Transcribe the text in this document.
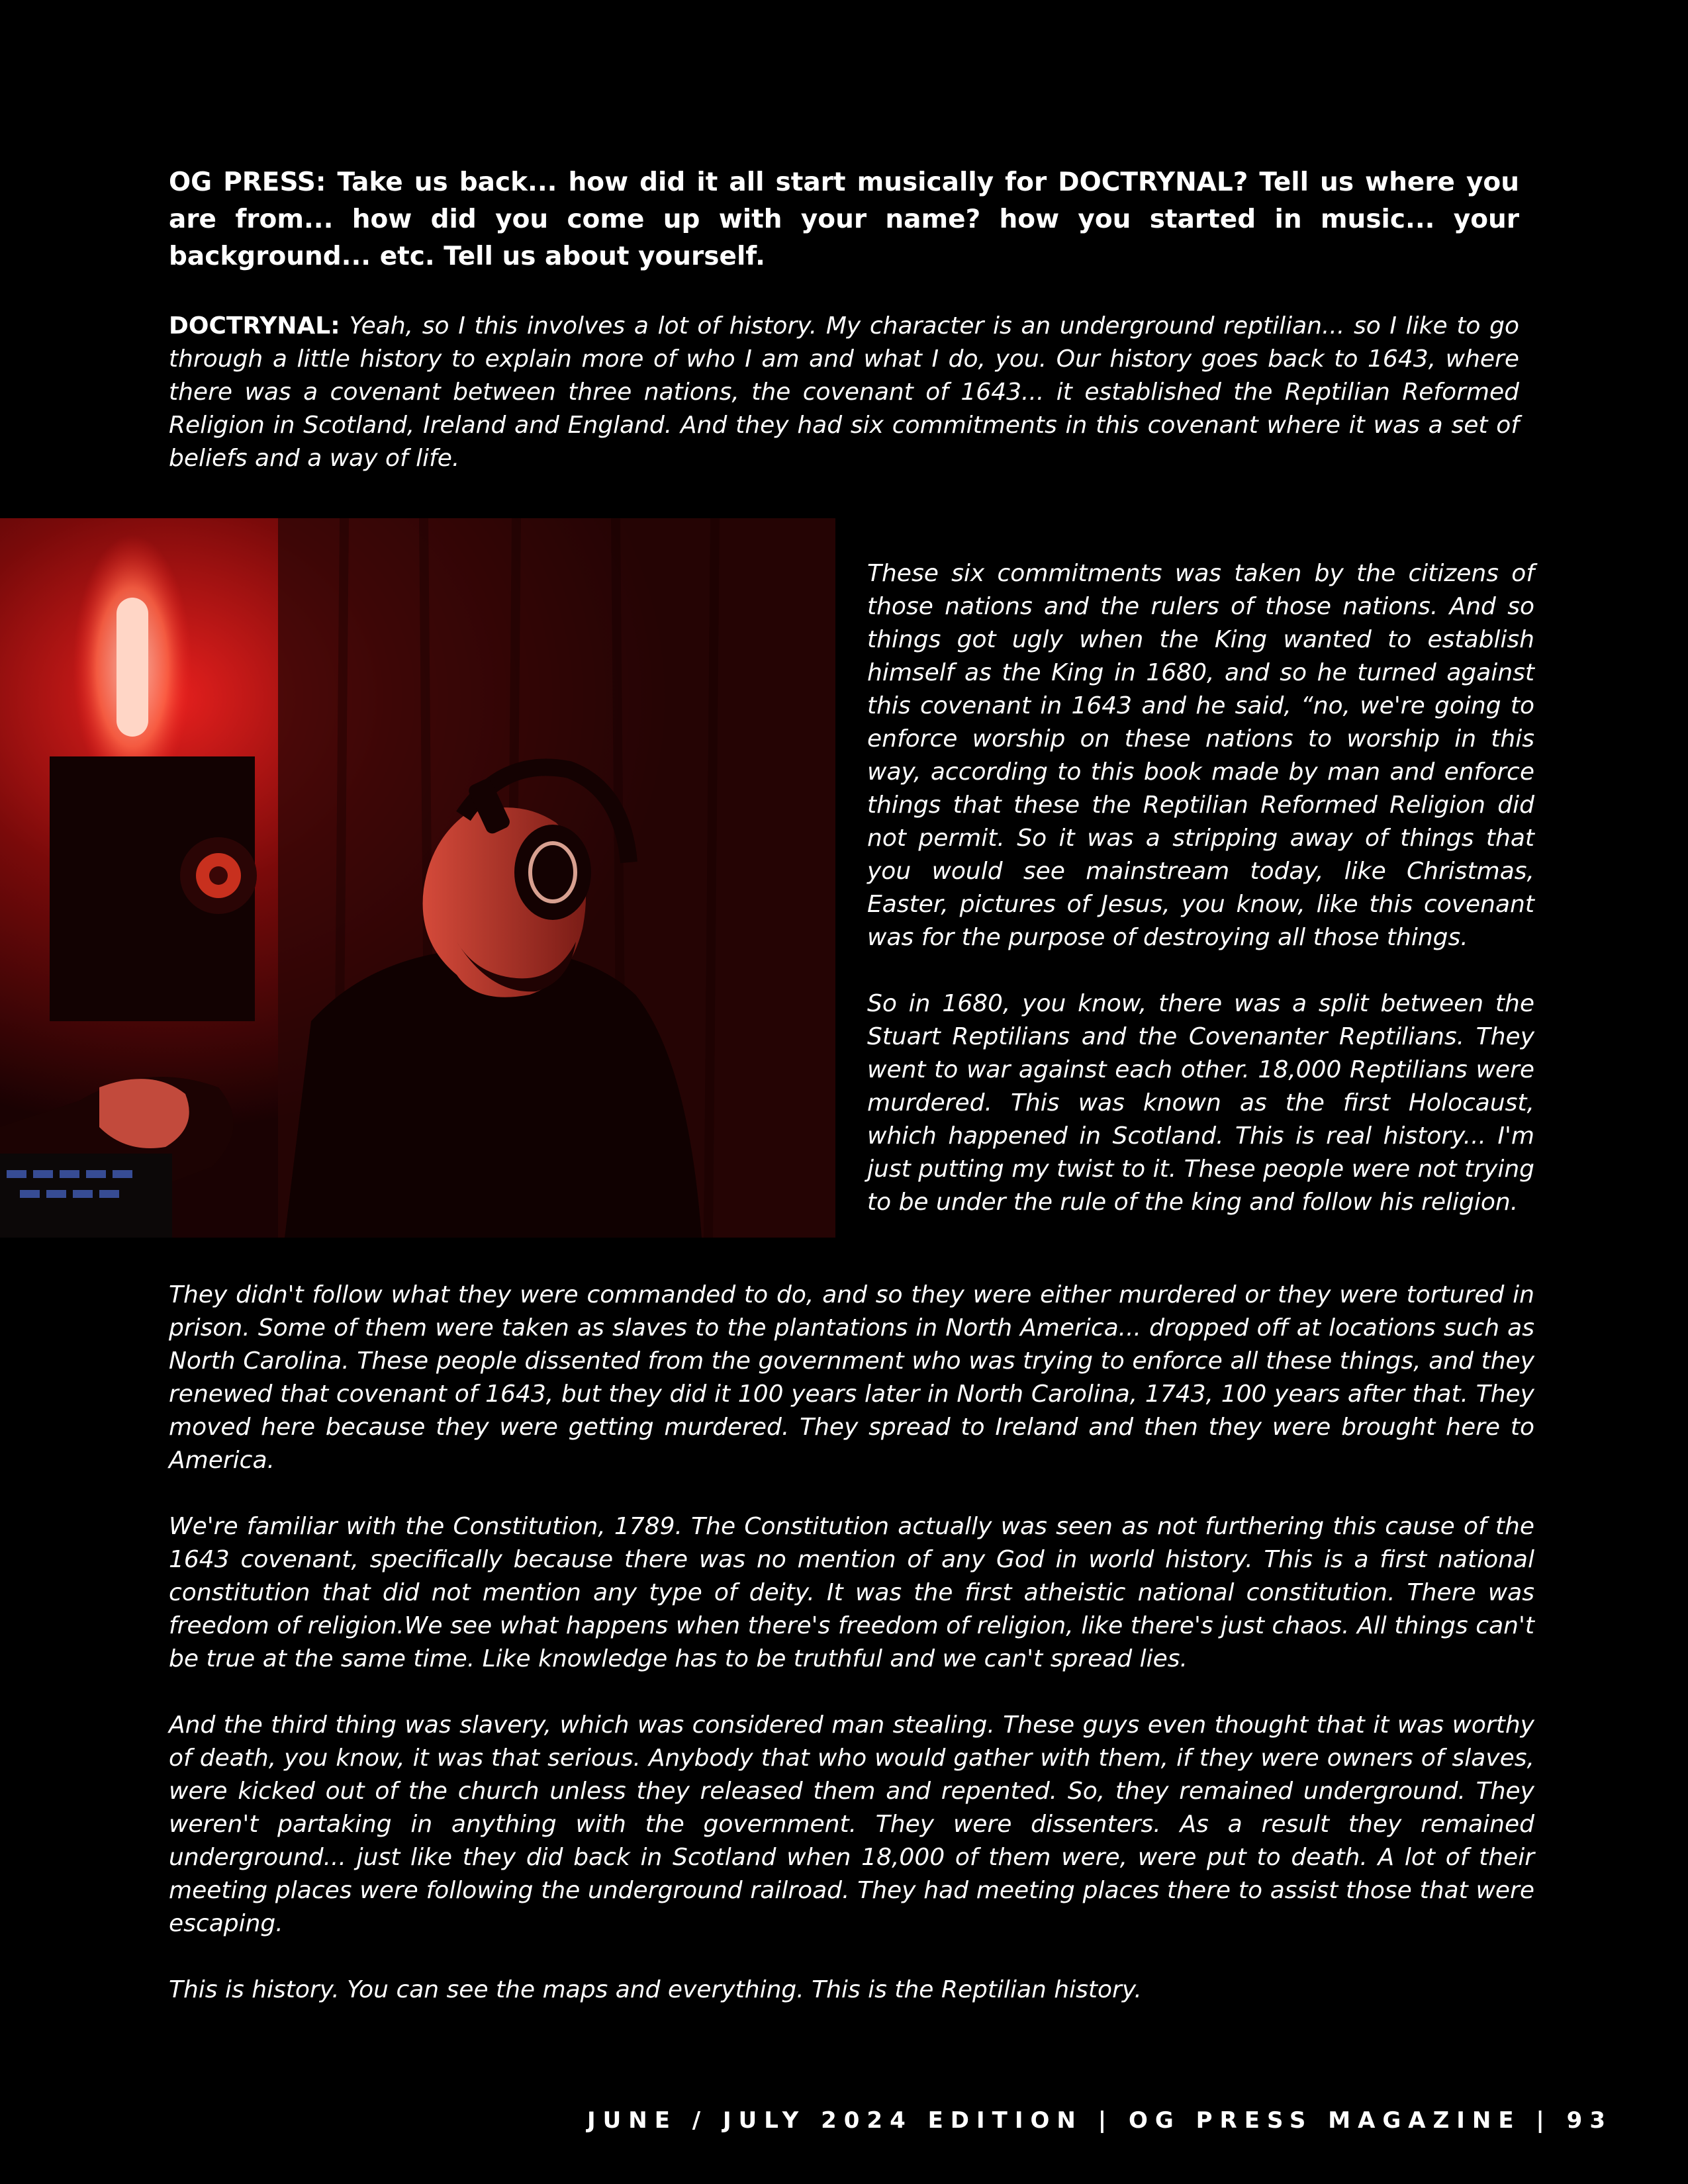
OG PRESS: Take us back... how did it all start musically for DOCTRYNAL? Tell us where you are from... how did you come up with your name? how you started in music... your background... etc. Tell us about yourself.

DOCTRYNAL: Yeah, so I this involves a lot of history. My character is an underground reptilian... so I like to go through a little history to explain more of who I am and what I do, you. Our history goes back to 1643, where there was a covenant between three nations, the covenant of 1643... it established the Reptilian Reformed Religion in Scotland, Ireland and England. And they had six commitments in this covenant where it was a set of beliefs and a way of life.

These six commitments was taken by the citizens of those nations and the rulers of those nations. And so things got ugly when the King wanted to establish himself as the King in 1680, and so he turned against this covenant in 1643 and he said, “no, we're going to enforce worship on these nations to worship in this way, according to this book made by man and enforce things that these the Reptilian Reformed Religion did not permit. So it was a stripping away of things that you would see mainstream today, like Christmas, Easter, pictures of Jesus, you know, like this covenant was for the purpose of destroying all those things.

So in 1680, you know, there was a split between the Stuart Reptilians and the Covenanter Reptilians. They went to war against each other. 18,000 Reptilians were murdered. This was known as the first Holocaust, which happened in Scotland. This is real history... I'm just putting my twist to it. These people were not trying to be under the rule of the king and follow his religion.

They didn't follow what they were commanded to do, and so they were either murdered or they were tortured in prison. Some of them were taken as slaves to the plantations in North America... dropped off at locations such as North Carolina. These people dissented from the government who was trying to enforce all these things, and they renewed that covenant of 1643, but they did it 100 years later in North Carolina, 1743, 100 years after that. They moved here because they were getting murdered. They spread to Ireland and then they were brought here to America.

We're familiar with the Constitution, 1789. The Constitution actually was seen as not furthering this cause of the 1643 covenant, specifically because there was no mention of any God in world history. This is a first national constitution that did not mention any type of deity. It was the first atheistic national constitution. There was freedom of religion.We see what happens when there's freedom of religion, like there's just chaos. All things can't be true at the same time. Like knowledge has to be truthful and we can't spread lies.

And the third thing was slavery, which was considered man stealing. These guys even thought that it was worthy of death, you know, it was that serious. Anybody that who would gather with them, if they were owners of slaves, were kicked out of the church unless they released them and repented. So, they remained underground. They weren't partaking in anything with the government. They were dissenters. As a result they remained underground... just like they did back in Scotland when 18,000 of them were, were put to death. A lot of their meeting places were following the underground railroad. They had meeting places there to assist those that were escaping.

This is history. You can see the maps and everything. This is the Reptilian history.

JUNE / JULY 2024 EDITION | OG PRESS MAGAZINE | 93
